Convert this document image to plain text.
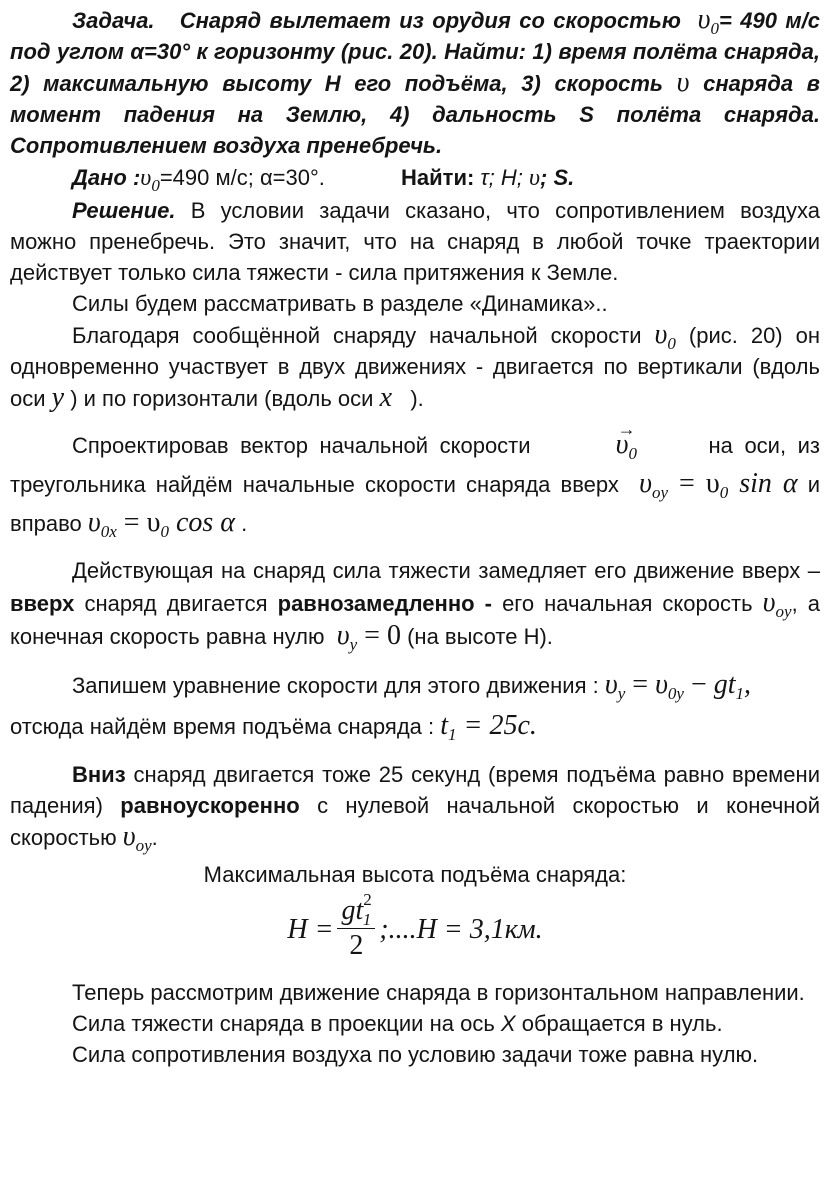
Задача. Снаряд вылетает из орудия со скоростью $\upsilon_0= 490$ м/с под углом α=30° к горизонту (рис. 20). Найти: 1) время полёта снаряда, 2) максимальную высоту Н его подъёма, 3) скорость υ снаряда в момент падения на Землю, 4) дальность S полёта снаряда. Сопротивлением воздуха пренебречь.

Дано $:\upsilon_0=490$ м/с; α=30°.	Найти: τ; Н; υ; S.

Решение. В условии задачи сказано, что сопротивлением воздуха можно пренебречь. Это значит, что на снаряд в любой точке траектории действует только сила тяжести - сила притяжения к Земле.

Силы будем рассматривать в разделе «Динамика»..

Благодаря сообщённой снаряду начальной скорости $\upsilon_0$ (рис. 20) он одновременно участвует в двух движениях - двигается по вертикали (вдоль оси y ) и по горизонтали (вдоль оси x ).

Спроектировав вектор начальной скорости  →	$\upsilon_0$	на оси, из треугольника найдём начальные скорости снаряда вверх $\upsilon_{oy} = \upsilon_0$ sin α и вправо $\upsilon_{0x} = \upsilon_0$ cos α .

Действующая на снаряд сила тяжести замедляет его движение вверх – вверх снаряд двигается равнозамедленно - его начальная скорость $\upsilon_{oy}$, а конечная скорость равна нулю $\upsilon_y = 0$ (на высоте Н).

Запишем уравнение скорости для этого движения : $\upsilon_y = \upsilon_{0y} - gt_1$,
отсюда найдём время подъёма снаряда : $t_1 = 25c$.

Вниз снаряд двигается тоже 25 секунд (время подъёма равно времени падения) равноускоренно с нулевой начальной скоростью и конечной скоростью $\upsilon_{oy}$.

Максимальная высота подъёма снаряда:

$H = \frac{gt^2_1}{2}$ ;....H = 3,1км.

Теперь рассмотрим движение снаряда в горизонтальном направлении.

Сила тяжести снаряда в проекции на ось X обращается в нуль.

Сила сопротивления воздуха по условию задачи тоже равна нулю.
